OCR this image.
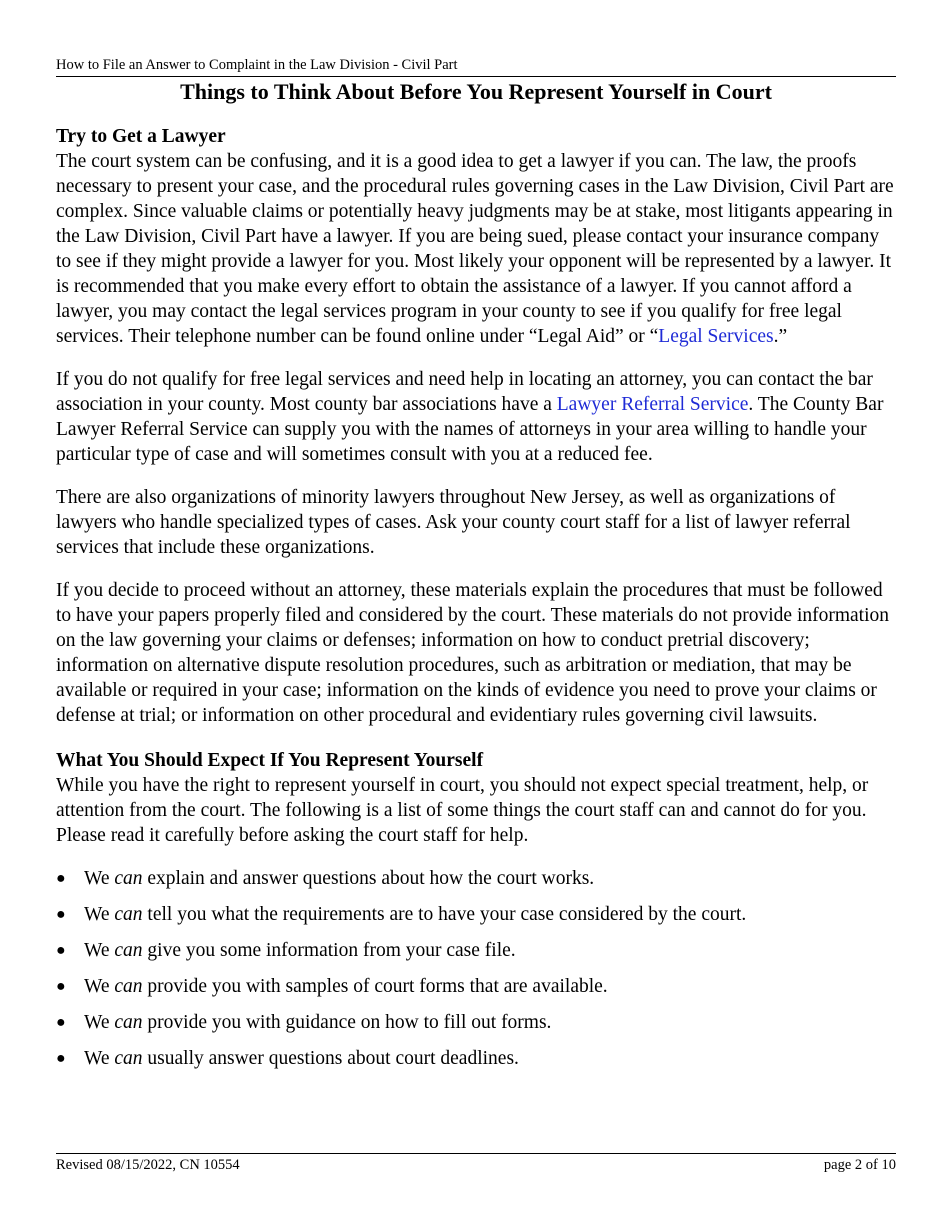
How to File an Answer to Complaint in the Law Division - Civil Part
Things to Think About Before You Represent Yourself in Court
Try to Get a Lawyer

The court system can be confusing, and it is a good idea to get a lawyer if you can. The law, the proofs necessary to present your case, and the procedural rules governing cases in the Law Division, Civil Part are complex. Since valuable claims or potentially heavy judgments may be at stake, most litigants appearing in the Law Division, Civil Part have a lawyer. If you are being sued, please contact your insurance company to see if they might provide a lawyer for you. Most likely your opponent will be represented by a lawyer. It is recommended that you make every effort to obtain the assistance of a lawyer. If you cannot afford a lawyer, you may contact the legal services program in your county to see if you qualify for free legal services. Their telephone number can be found online under “Legal Aid” or “Legal Services.”

If you do not qualify for free legal services and need help in locating an attorney, you can contact the bar association in your county. Most county bar associations have a Lawyer Referral Service. The County Bar Lawyer Referral Service can supply you with the names of attorneys in your area willing to handle your particular type of case and will sometimes consult with you at a reduced fee.

There are also organizations of minority lawyers throughout New Jersey, as well as organizations of lawyers who handle specialized types of cases. Ask your county court staff for a list of lawyer referral services that include these organizations.

If you decide to proceed without an attorney, these materials explain the procedures that must be followed to have your papers properly filed and considered by the court. These materials do not provide information on the law governing your claims or defenses; information on how to conduct pretrial discovery; information on alternative dispute resolution procedures, such as arbitration or mediation, that may be available or required in your case; information on the kinds of evidence you need to prove your claims or defense at trial; or information on other procedural and evidentiary rules governing civil lawsuits.

What You Should Expect If You Represent Yourself

While you have the right to represent yourself in court, you should not expect special treatment, help, or attention from the court. The following is a list of some things the court staff can and cannot do for you. Please read it carefully before asking the court staff for help.

● We can explain and answer questions about how the court works.
● We can tell you what the requirements are to have your case considered by the court.
● We can give you some information from your case file.
● We can provide you with samples of court forms that are available.
● We can provide you with guidance on how to fill out forms.
● We can usually answer questions about court deadlines.
Revised 08/15/2022, CN 10554	page 2 of 10
